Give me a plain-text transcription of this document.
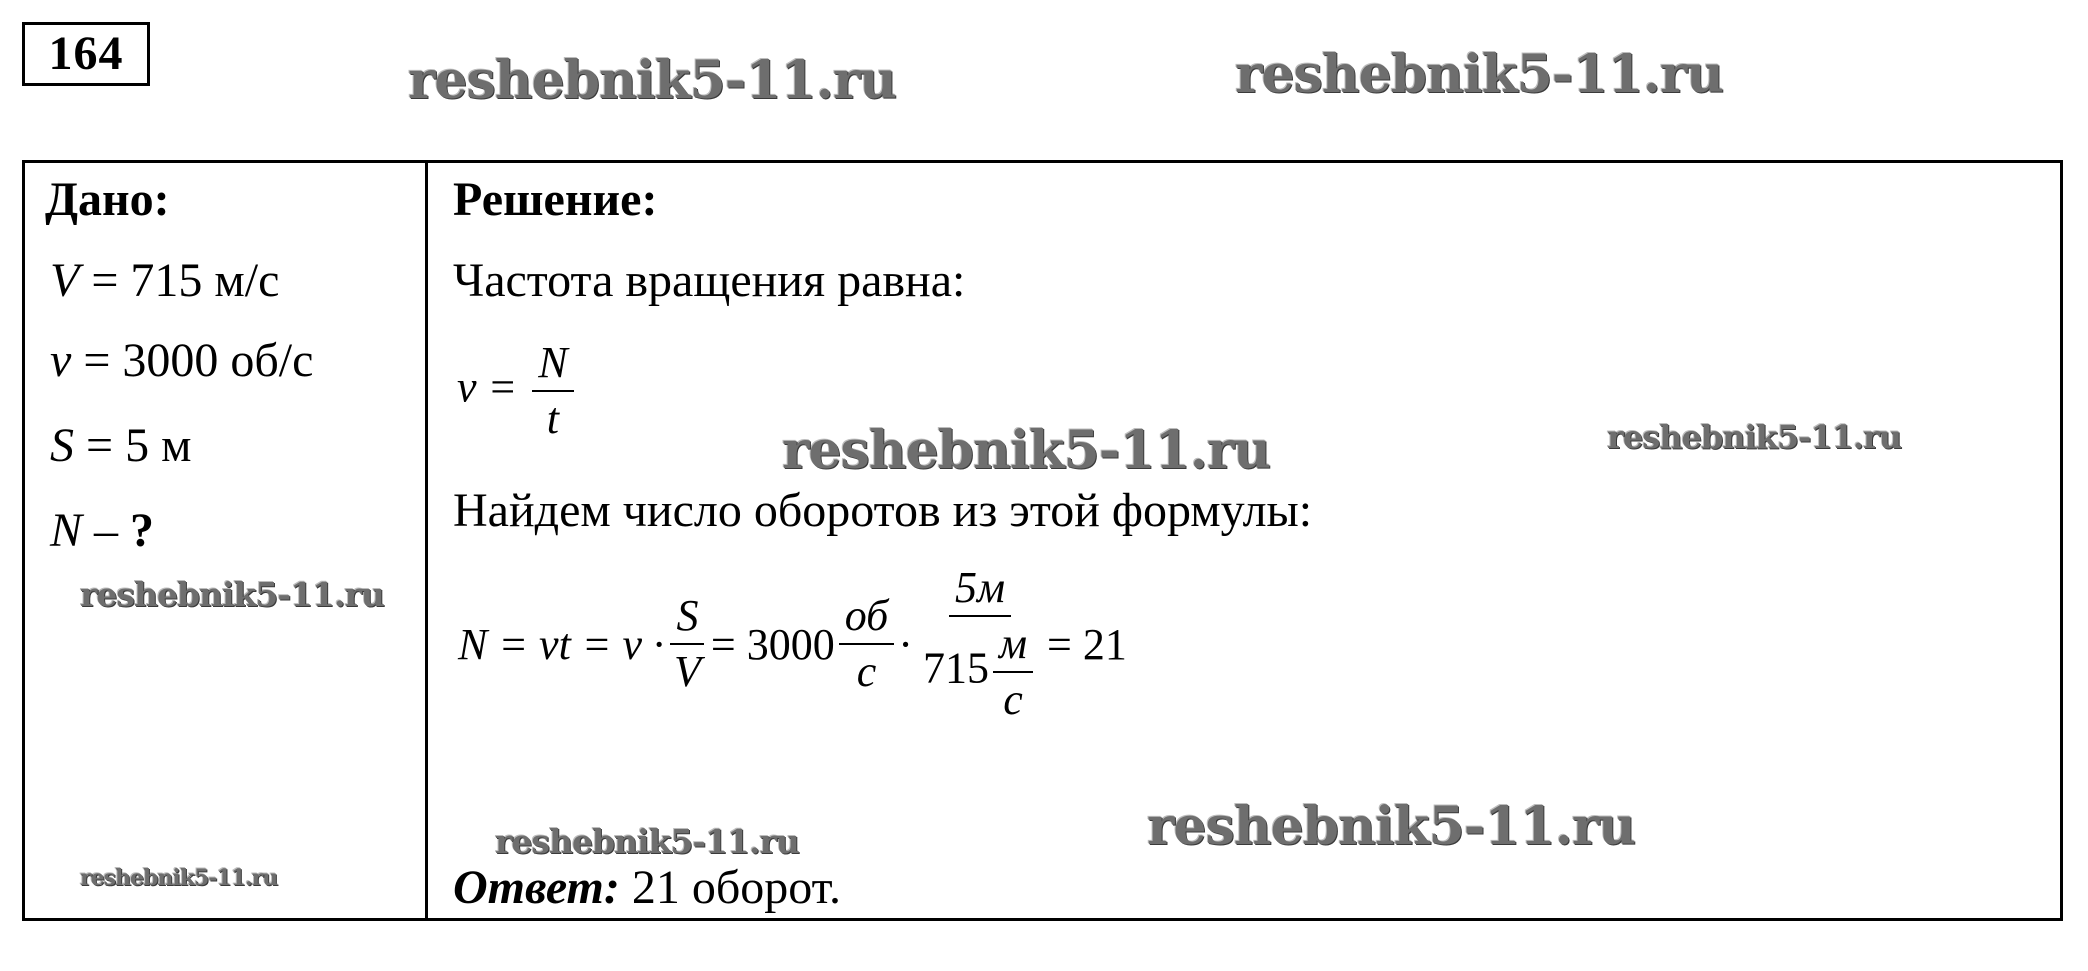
164	reshebnik5-11.ru	reshebnik5-11.ru
Дано:	Решение:
V = 715 м/с
ν = 3000 об/с
S = 5 м
N – ?
Частота вращения равна:
$\nu = \frac{N}{t}$
reshebnik5-11.ru	reshebnik5-11.ru
Найдем число оборотов из этой формулы:
reshebnik5-11.ru
$N = \nu t = \nu \cdot \frac{S}{V} = 3000 \frac{об}{с} \cdot \frac{5м}{715 \frac{м}{с}} = 21$
reshebnik5-11.ru
reshebnik5-11.ru
reshebnik5-11.ru	Ответ: 21 оборот.
